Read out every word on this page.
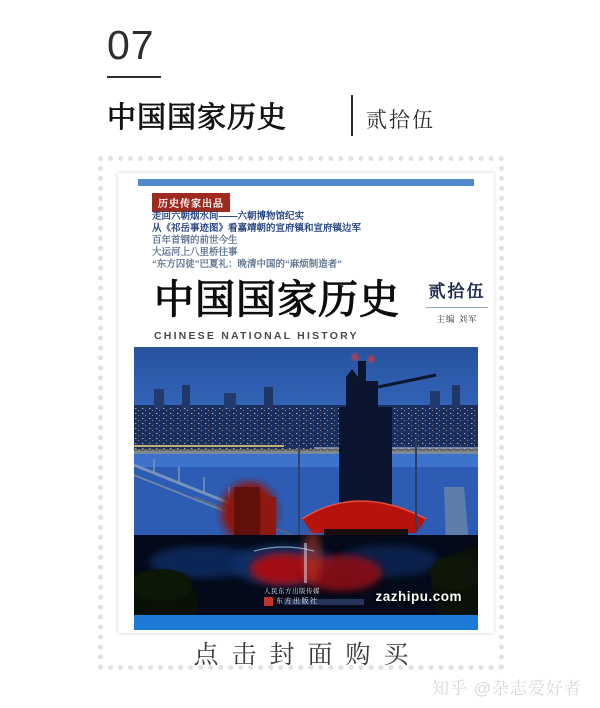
07
中国国家历史	贰拾伍
历史传家出品
走回六朝烟水间——六朝博物馆纪实
从《祁岳事迹图》看嘉靖朝的宣府镇和宣府镇边军
百年首钢的前世今生
大运河上八里桥往事
“东方囚徒”巴夏礼：晚清中国的“麻烦制造者”
中国国家历史 贰拾伍
主编 刘军
CHINESE NATIONAL HISTORY
人民东方出版传媒
东方出版社	zazhipu.com
点击封面购买
知乎 @杂志爱好者
